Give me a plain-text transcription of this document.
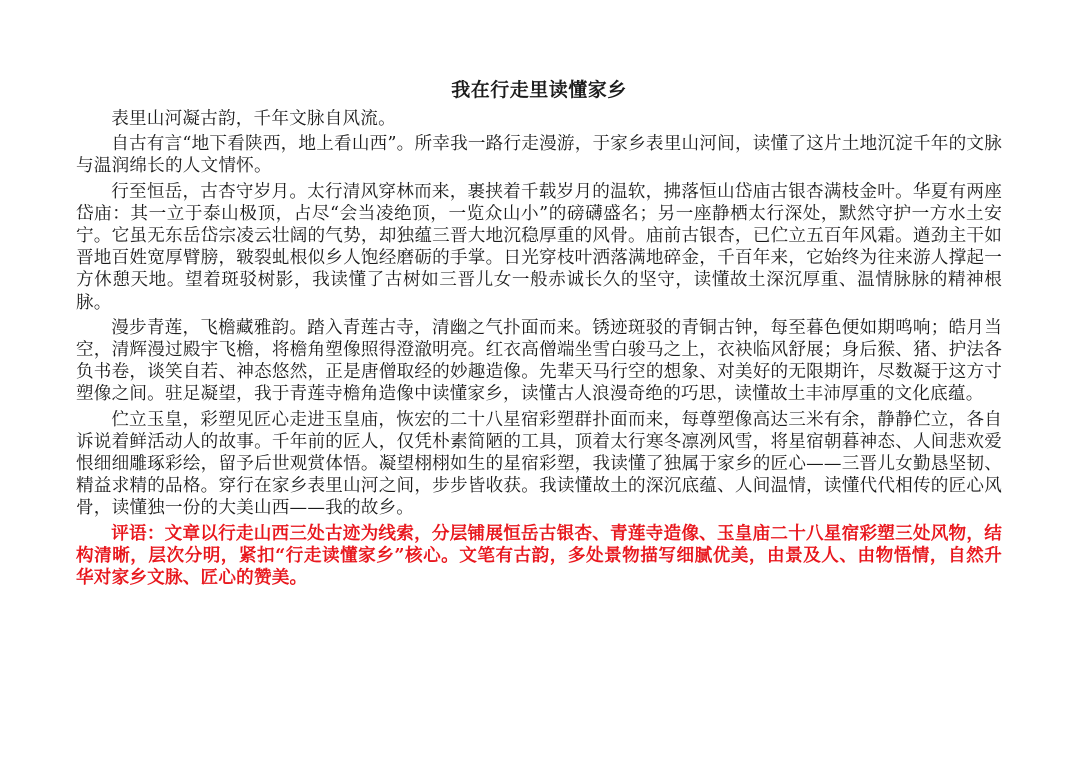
我在行走里读懂家乡

表里山河凝古韵，千年文脉自风流。

自古有言“地下看陕西，地上看山西”。所幸我一路行走漫游，于家乡表里山河间，读懂了这片土地沉淀千年的文脉与温润绵长的人文情怀。

行至恒岳，古杏守岁月。太行清风穿林而来，裹挟着千载岁月的温软，拂落恒山岱庙古银杏满枝金叶。华夏有两座岱庙：其一立于泰山极顶，占尽“会当凌绝顶，一览众山小”的磅礴盛名；另一座静栖太行深处，默然守护一方水土安宁。它虽无东岳岱宗凌云壮阔的气势，却独蕴三晋大地沉稳厚重的风骨。庙前古银杏，已伫立五百年风霜。遒劲主干如晋地百姓宽厚臂膀，皲裂虬根似乡人饱经磨砺的手掌。日光穿枝叶洒落满地碎金，千百年来，它始终为往来游人撑起一方休憩天地。望着斑驳树影，我读懂了古树如三晋儿女一般赤诚长久的坚守，读懂故土深沉厚重、温情脉脉的精神根脉。

漫步青莲，飞檐藏雅韵。踏入青莲古寺，清幽之气扑面而来。锈迹斑驳的青铜古钟，每至暮色便如期鸣响；皓月当空，清辉漫过殿宇飞檐，将檐角塑像照得澄澈明亮。红衣高僧端坐雪白骏马之上，衣袂临风舒展；身后猴、猪、护法各负书卷，谈笑自若、神态悠然，正是唐僧取经的妙趣造像。先辈天马行空的想象、对美好的无限期许，尽数凝于这方寸塑像之间。驻足凝望，我于青莲寺檐角造像中读懂家乡，读懂古人浪漫奇绝的巧思，读懂故土丰沛厚重的文化底蕴。

伫立玉皇，彩塑见匠心走进玉皇庙，恢宏的二十八星宿彩塑群扑面而来，每尊塑像高达三米有余，静静伫立，各自诉说着鲜活动人的故事。千年前的匠人，仅凭朴素简陋的工具，顶着太行寒冬凛冽风雪，将星宿朝暮神态、人间悲欢爱恨细细雕琢彩绘，留予后世观赏体悟。凝望栩栩如生的星宿彩塑，我读懂了独属于家乡的匠心——三晋儿女勤恳坚韧、精益求精的品格。穿行在家乡表里山河之间，步步皆收获。我读懂故土的深沉底蕴、人间温情，读懂代代相传的匠心风骨，读懂独一份的大美山西——我的故乡。

评语：文章以行走山西三处古迹为线索，分层铺展恒岳古银杏、青莲寺造像、玉皇庙二十八星宿彩塑三处风物，结构清晰，层次分明，紧扣“行走读懂家乡”核心。文笔有古韵，多处景物描写细腻优美，由景及人、由物悟情，自然升华对家乡文脉、匠心的赞美。
